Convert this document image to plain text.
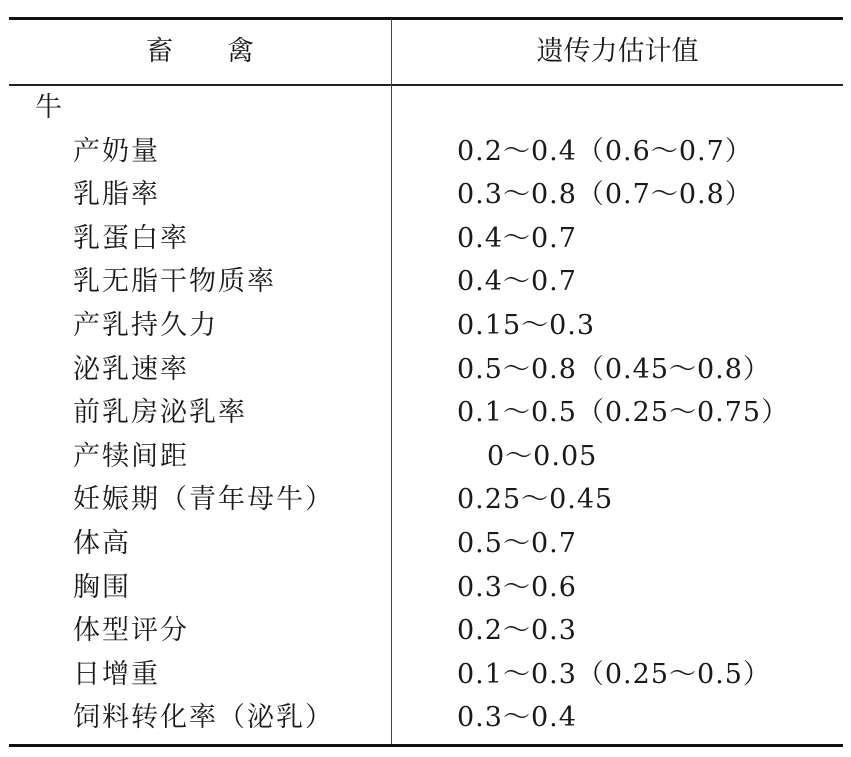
畜 禽	遗传力估计值
牛
产奶量	0.2～0.4（0.6～0.7）
乳脂率	0.3～0.8（0.7～0.8）
乳蛋白率	0.4～0.7
乳无脂干物质率	0.4～0.7
产乳持久力	0.15～0.3
泌乳速率	0.5～0.8（0.45～0.8）
前乳房泌乳率	0.1～0.5（0.25～0.75）
产犊间距	0～0.05
妊娠期（青年母牛）	0.25～0.45
体高	0.5～0.7
胸围	0.3～0.6
体型评分	0.2～0.3
日增重	0.1～0.3（0.25～0.5）
饲料转化率（泌乳）	0.3～0.4
